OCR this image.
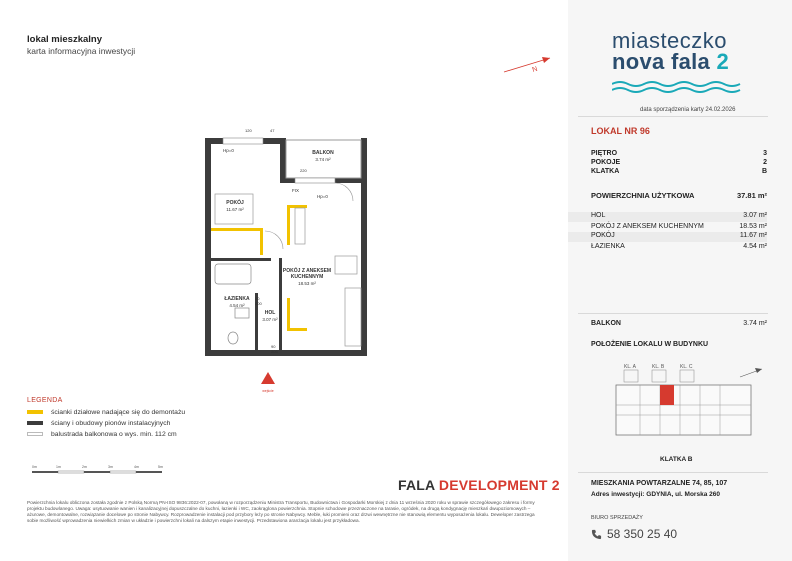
lokal mieszkalny
karta informacyjna inwestycji
N
BALKON
3.74 m²
POKÓJ
11.67 m²
POKÓJ Z ANEKSEM
KUCHENNYM
18.53 m²
ŁAZIENKA
4.54 m²
HOL
3.07 m²
FIX
Hp=0
Hp=0
80
200
90
206
220
120	47
wejście
LEGENDA
ścianki działowe nadające się do demontażu
ściany i obudowy pionów instalacyjnych
balustrada balkonowa o wys. min. 112 cm
0m	1m	2m	3m	4m	5m
FALA DEVELOPMENT 2
Powierzchnia lokalu obliczona została zgodnie z Polską Normą PN-ISO 9836:2022-07, powołaną w rozporządzeniu Ministra Transportu, Budownictwa i Gospodarki Morskiej z dnia 11 września 2020 roku w sprawie szczegółowego zakresu i formy projektu budowlanego. Uwaga: usytuowanie wanien i kanalizacyjnej dopuszczalne do kuchni, łazienki i WC, zaokrąglona powierzchnia. Stopnie schodowe przeznaczone na tarasie, ogródek, na drugą kondygnację mieszkań dwupoziomowych – ażurowe, demontowalne, rozwiązanie docelowe po stronie Nabywcy. Rozprowadzenie instalacji pod przybory leży po stronie Nabywcy. Meble, łuki promieni oraz drzwi wewnętrzne nie stanowią elementu wyposażenia lokalu. Deweloper zastrzega sobie możliwość wprowadzenia niewielkich zmian w układzie i powierzchni lokali na dalszym etapie inwestycji. Przedstawiona aranżacja lokalu jest przykładowa.
miasteczko
nova fala 2
data sporządzenia karty 24.02.2026
LOKAL NR 96
PIĘTRO	3
POKOJE	2
KLATKA	B
POWIERZCHNIA UŻYTKOWA	37.81 m²
HOL	3.07 m²
POKÓJ Z ANEKSEM KUCHENNYM	18.53 m²
POKÓJ	11.67 m²
ŁAZIENKA	4.54 m²
BALKON	3.74 m²
POŁOŻENIE LOKALU W BUDYNKU
KL. A	KL. B	KL. C
KLATKA B
MIESZKANIA POWTARZALNE 74, 85, 107
Adres inwestycji: GDYNIA, ul. Morska 260
BIURO SPRZEDAŻY
58 350 25 40
